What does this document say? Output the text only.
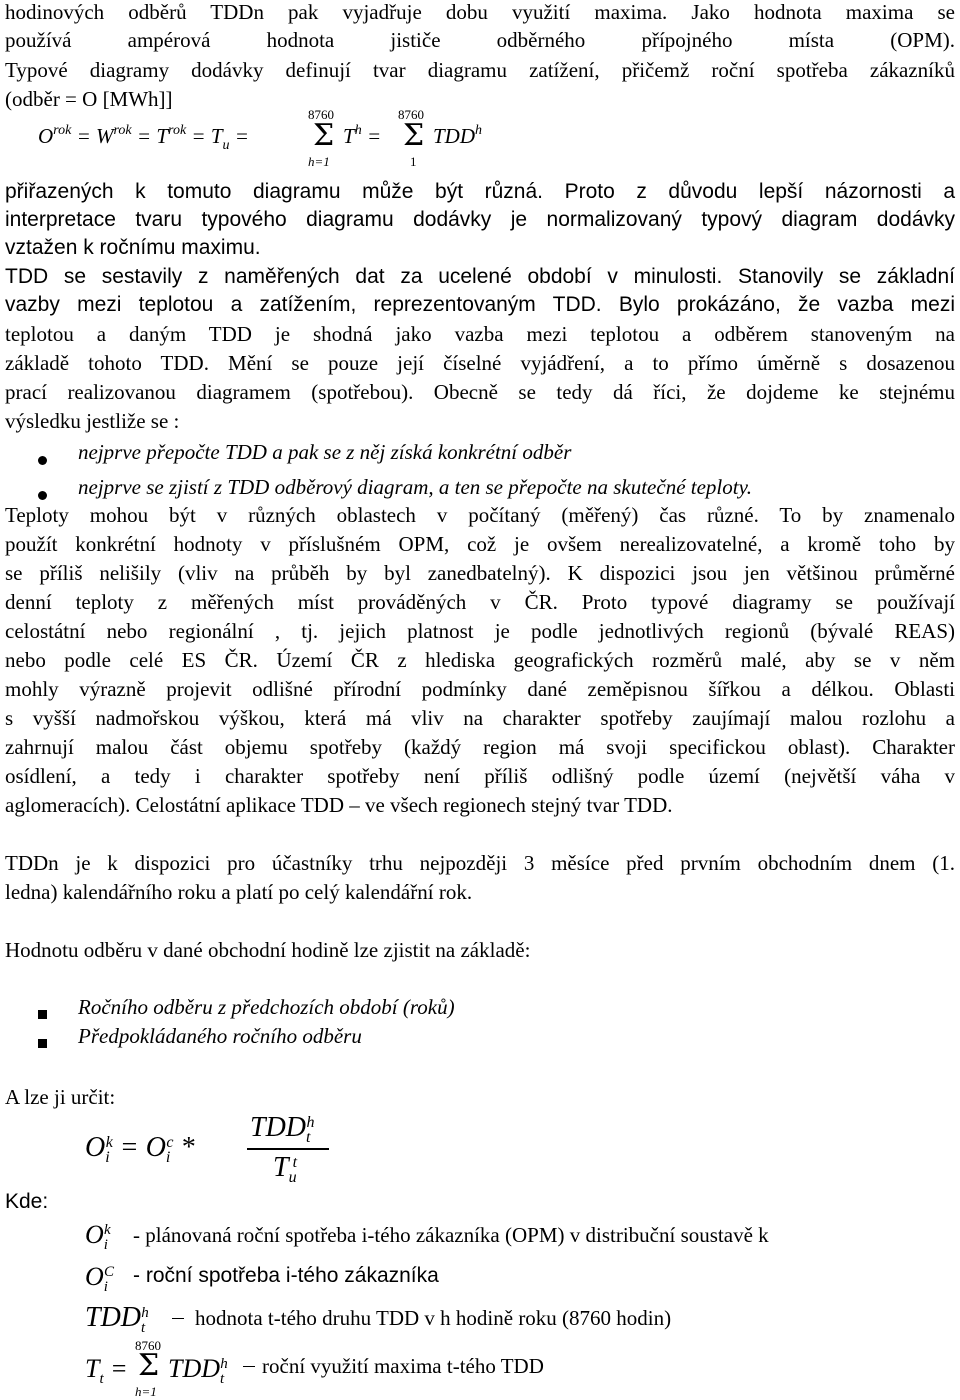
hodinových odběrů TDDn pak vyjadřuje dobu využití maxima. Jako hodnota maxima se
používá ampérová hodnota jističe odběrného přípojného místa (OPM).
Typové diagramy dodávky definují tvar diagramu zatížení, přičemž roční spotřeba zákazníků
(odběr = O [MWh]]
$O^{rok} = W^{rok} = T^{rok} = T_u$ =
8760
Σ
h=1
$T^h$ =
8760
Σ
1
TDD$^h$
přiřazených k tomuto diagramu může být různá. Proto z důvodu lepší názornosti a
interpretace tvaru typového diagramu dodávky je normalizovaný typový diagram dodávky
vztažen k ročnímu maximu.
TDD se sestavily z naměřených dat za ucelené období v minulosti. Stanovily se základní
vazby mezi teplotou a zatížením, reprezentovaným TDD. Bylo prokázáno, že vazba mezi
teplotou a daným TDD je shodná jako vazba mezi teplotou a odběrem stanoveným na
základě tohoto TDD. Mění se pouze její číselné vyjádření, a to přímo úměrně s dosazenou
prací realizovanou diagramem (spotřebou). Obecně se tedy dá říci, že dojdeme ke stejnému
výsledku jestliže se :
nejprve přepočte TDD a pak se z něj získá konkrétní odběr
nejprve se zjistí z TDD odběrový diagram, a ten se přepočte na skutečné teploty.
Teploty mohou být v různých oblastech v počítaný (měřený) čas různé. To by znamenalo
použít konkrétní hodnoty v příslušném OPM, což je ovšem nerealizovatelné, a kromě toho by
se příliš nelišily (vliv na průběh by byl zanedbatelný). K dispozici jsou jen většinou průměrné
denní teploty z měřených míst prováděných v ČR. Proto typové diagramy se používají
celostátní nebo regionální , tj. jejich platnost je podle jednotlivých regionů (bývalé REAS)
nebo podle celé ES ČR. Území ČR z hlediska geografických rozměrů malé, aby se v něm
mohly výrazně projevit odlišné přírodní podmínky dané zeměpisnou šířkou a délkou. Oblasti
s vyšší nadmořskou výškou, která má vliv na charakter spotřeby zaujímají malou rozlohu a
zahrnují malou část objemu spotřeby (každý region má svoji specifickou oblast). Charakter
osídlení, a tedy i charakter spotřeby není příliš odlišný podle území (největší váha v
aglomeracích). Celostátní aplikace TDD – ve všech regionech stejný tvar TDD.
TDDn je k dispozici pro účastníky trhu nejpozději 3 měsíce před prvním obchodním dnem (1.
ledna) kalendářního roku a platí po celý kalendářní rok.
Hodnotu odběru v dané obchodní hodině lze zjistit na základě:
Ročního odběru z předchozích období (roků)
Předpokládaného ročního odběru
A lze ji určit:
$O_i^k = O_i^c$ *
$TDD_t^h$
$T_u^t$
Kde:
$O_i^k$ - plánovaná roční spotřeba i-tého zákazníka (OPM) v distribuční soustavě k
$O_i^C$ - roční spotřeba i-tého zákazníka
$TDD_t^h$ hodnota t-tého druhu TDD v h hodině roku (8760 hodin)
$T_t$ =
8760
Σ
h=1
$TDD_t^h$ roční využití maxima t-tého TDD
